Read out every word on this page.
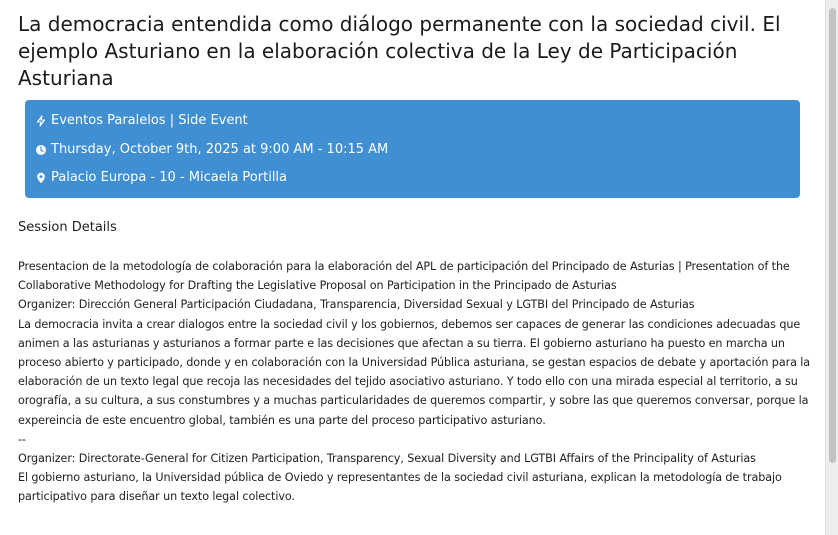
La democracia entendida como diálogo permanente con la sociedad civil. El ejemplo Asturiano en la elaboración colectiva de la Ley de Participación Asturiana
Eventos Paralelos | Side Event
Thursday, October 9th, 2025 at 9:00 AM - 10:15 AM
Palacio Europa - 10 - Micaela Portilla
Session Details

Presentacion de la metodología de colaboración para la elaboración del APL de participación del Principado de Asturias | Presentation of the Collaborative Methodology for Drafting the Legislative Proposal on Participation in the Principado de Asturias

Organizer: Dirección General Participación Ciudadana, Transparencia, Diversidad Sexual y LGTBI del Principado de Asturias

La democracia invita a crear dialogos entre la sociedad civil y los gobiernos, debemos ser capaces de generar las condiciones adecuadas que animen a las asturianas y asturianos a formar parte e las decisiones que afectan a su tierra. El gobierno asturiano ha puesto en marcha un proceso abierto y participado, donde y en colaboración con la Universidad Pública asturiana, se gestan espacios de debate y aportación para la elaboración de un texto legal que recoja las necesidades del tejido asociativo asturiano. Y todo ello con una mirada especial al territorio, a su orografía, a su cultura, a sus constumbres y a muchas particularidades de queremos compartir, y sobre las que queremos conversar, porque la expereincia de este encuentro global, también es una parte del proceso participativo asturiano.

--

Organizer: Directorate-General for Citizen Participation, Transparency, Sexual Diversity and LGTBI Affairs of the Principality of Asturias

El gobierno asturiano, la Universidad pública de Oviedo y representantes de la sociedad civil asturiana, explican la metodología de trabajo participativo para diseñar un texto legal colectivo.
